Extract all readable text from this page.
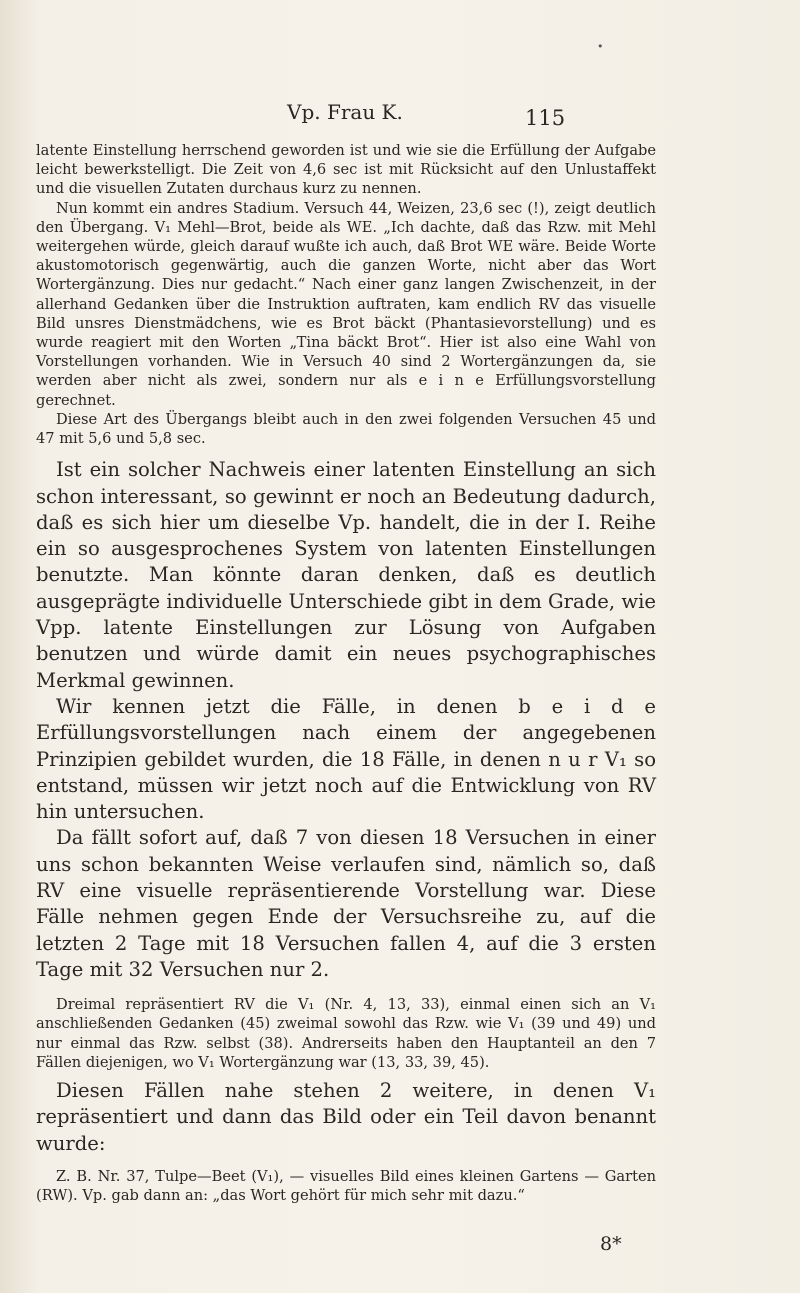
•
Vp. Frau K.	115

latente Einstellung herrschend geworden ist und wie sie die Erfüllung der Aufgabe leicht bewerkstelligt. Die Zeit von 4,6 sec ist mit Rücksicht auf den Unlustaffekt und die visuellen Zutaten durchaus kurz zu nennen.

Nun kommt ein andres Stadium. Versuch 44, Weizen, 23,6 sec (!), zeigt deutlich den Übergang. V₁ Mehl—Brot, beide als WE. „Ich dachte, daß das Rzw. mit Mehl weitergehen würde, gleich darauf wußte ich auch, daß Brot WE wäre. Beide Worte akustomotorisch gegenwärtig, auch die ganzen Worte, nicht aber das Wort Wortergänzung. Dies nur gedacht.“ Nach einer ganz langen Zwischenzeit, in der allerhand Gedanken über die Instruktion auftraten, kam endlich RV das visuelle Bild unsres Dienstmädchens, wie es Brot bäckt (Phantasievorstellung) und es wurde reagiert mit den Worten „Tina bäckt Brot“. Hier ist also eine Wahl von Vorstellungen vorhanden. Wie in Versuch 40 sind 2 Wortergänzungen da, sie werden aber nicht als zwei, sondern nur als e i n e Erfüllungsvorstellung gerechnet.

Diese Art des Übergangs bleibt auch in den zwei folgenden Versuchen 45 und 47 mit 5,6 und 5,8 sec.

Ist ein solcher Nachweis einer latenten Einstellung an sich schon interessant, so gewinnt er noch an Bedeutung dadurch, daß es sich hier um dieselbe Vp. handelt, die in der I. Reihe ein so ausgesprochenes System von latenten Einstellungen benutzte. Man könnte daran denken, daß es deutlich ausgeprägte individuelle Unterschiede gibt in dem Grade, wie Vpp. latente Einstellungen zur Lösung von Aufgaben benutzen und würde damit ein neues psychographisches Merkmal gewinnen.

Wir kennen jetzt die Fälle, in denen b e i d e Erfüllungsvorstellungen nach einem der angegebenen Prinzipien gebildet wurden, die 18 Fälle, in denen n u r V₁ so entstand, müssen wir jetzt noch auf die Entwicklung von RV hin untersuchen.

Da fällt sofort auf, daß 7 von diesen 18 Versuchen in einer uns schon bekannten Weise verlaufen sind, nämlich so, daß RV eine visuelle repräsentierende Vorstellung war. Diese Fälle nehmen gegen Ende der Versuchsreihe zu, auf die letzten 2 Tage mit 18 Versuchen fallen 4, auf die 3 ersten Tage mit 32 Versuchen nur 2.

Dreimal repräsentiert RV die V₁ (Nr. 4, 13, 33), einmal einen sich an V₁ anschließenden Gedanken (45) zweimal sowohl das Rzw. wie V₁ (39 und 49) und nur einmal das Rzw. selbst (38). Andrerseits haben den Hauptanteil an den 7 Fällen diejenigen, wo V₁ Wortergänzung war (13, 33, 39, 45).

Diesen Fällen nahe stehen 2 weitere, in denen V₁ repräsentiert und dann das Bild oder ein Teil davon benannt wurde:

Z. B. Nr. 37, Tulpe—Beet (V₁), — visuelles Bild eines kleinen Gartens — Garten (RW). Vp. gab dann an: „das Wort gehört für mich sehr mit dazu.“

8*
